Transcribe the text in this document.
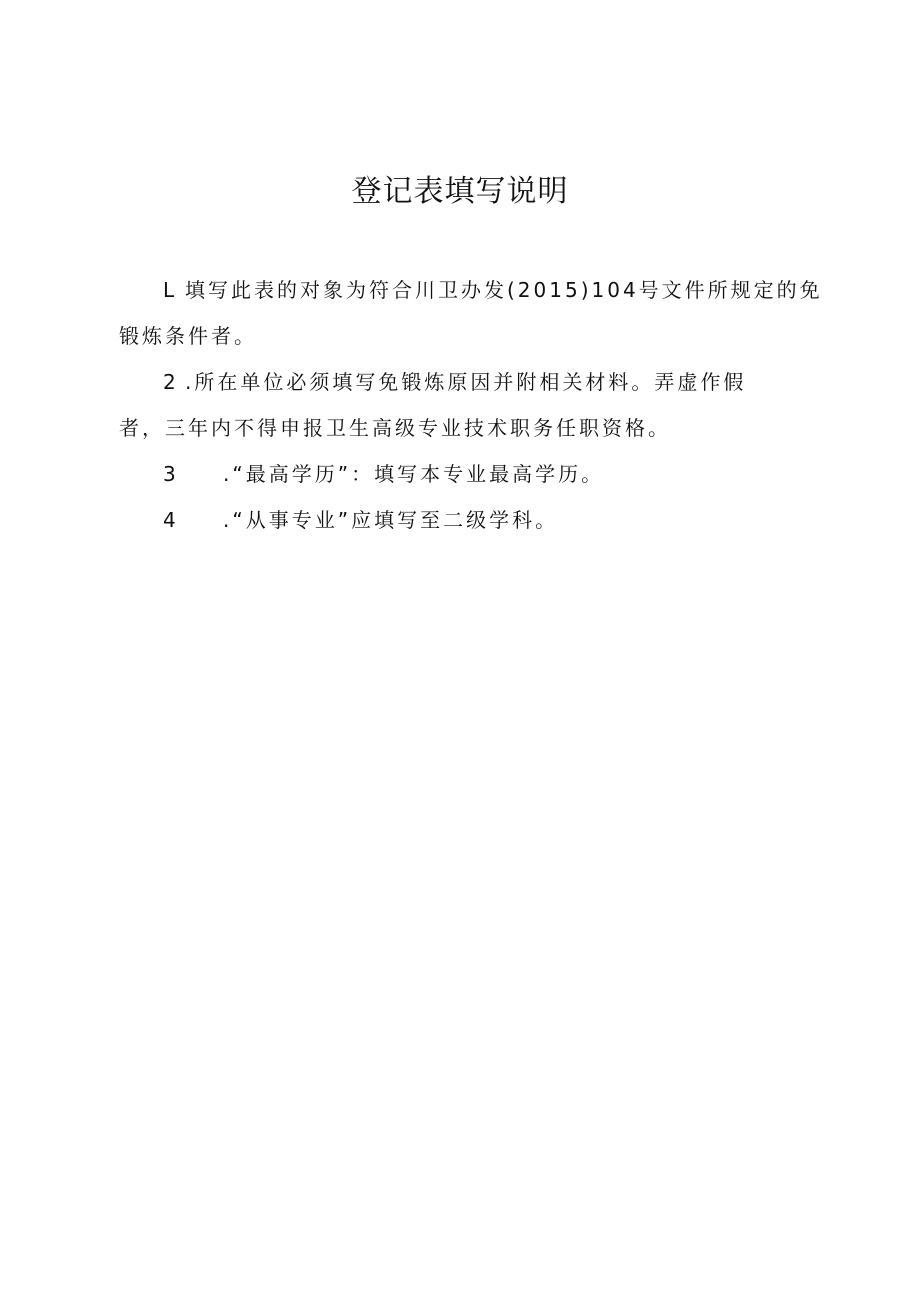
登记表填写说明
L 填写此表的对象为符合川卫办发(2015)104号文件所规定的免
锻炼条件者。
2 .所在单位必须填写免锻炼原因并附相关材料。弄虚作假
者，三年内不得申报卫生高级专业技术职务任职资格。
3 .“最高学历”：填写本专业最高学历。
4 .“从事专业”应填写至二级学科。
